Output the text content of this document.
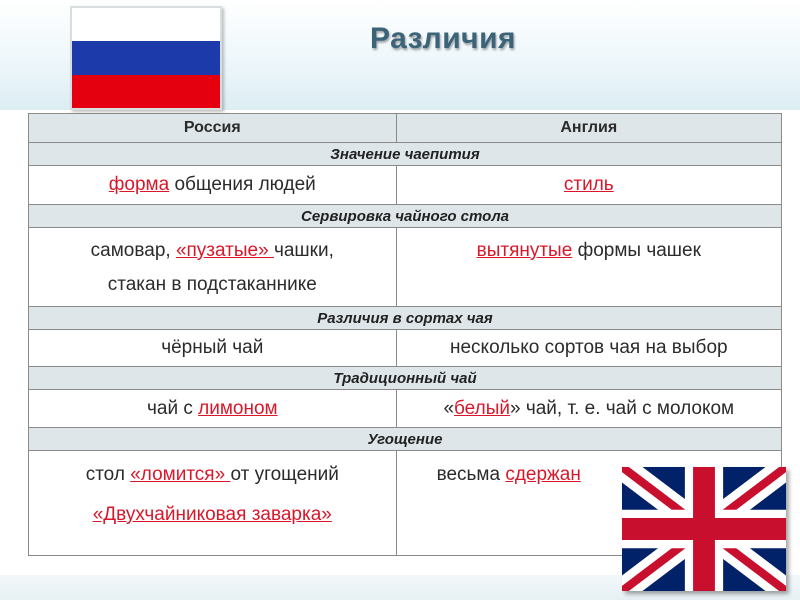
Различия
Россия	Англия
Значение чаепития	
форма общения людей	стиль
Сервировка чайного стола	
самовар, «пузатые» чашки,
стакан в подстаканнике	вытянутые формы чашек
Различия в сортах чая	
чёрный чай	несколько сортов чая на выбор
Традиционный чай	
чай с лимоном	«белый» чай, т. е. чай с молоком
Угощение	
стол «ломится» от угощений
«Двухчайниковая заварка»	весьма сдержан
